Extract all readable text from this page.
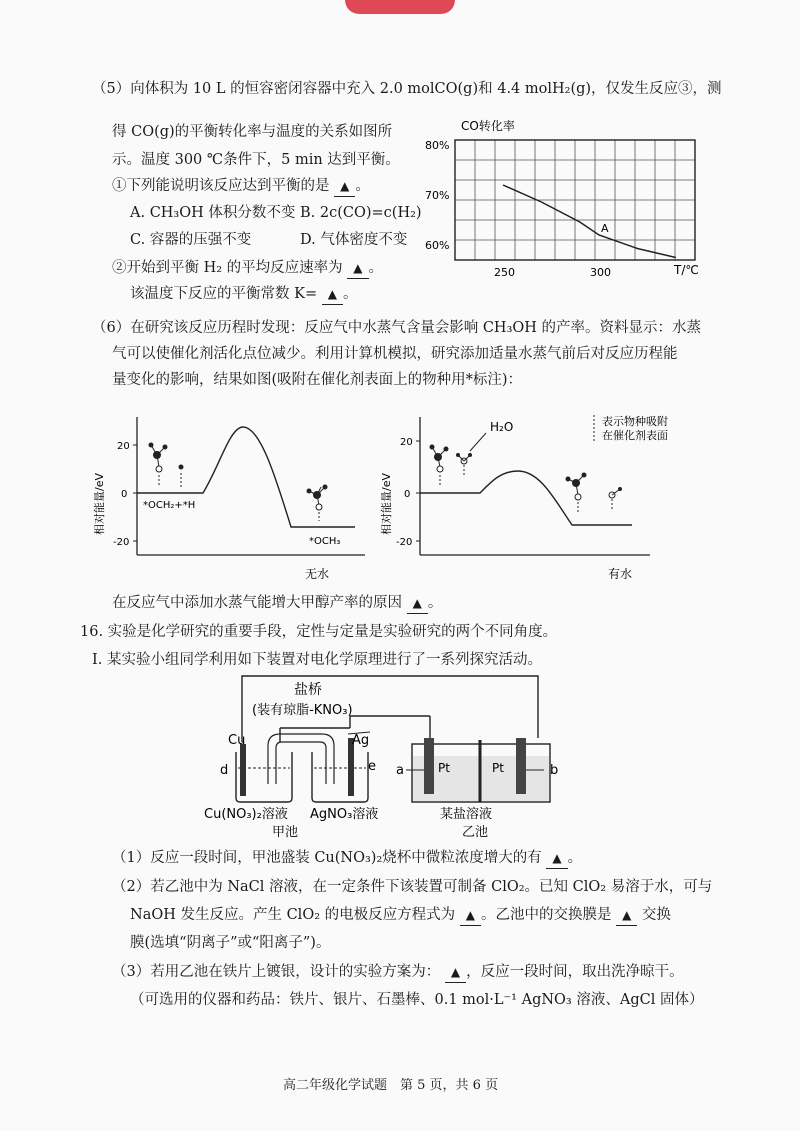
（5）向体积为 10 L 的恒容密闭容器中充入 2.0 molCO(g)和 4.4 molH₂(g)，仅发生反应③，测
得 CO(g)的平衡转化率与温度的关系如图所
示。温度 300 ℃条件下，5 min 达到平衡。
①下列能说明该反应达到平衡的是 ▲ 。
A. CH₃OH 体积分数不变 B. 2c(CO)=c(H₂)
C. 容器的压强不变	D. 气体密度不变
②开始到平衡 H₂ 的平均反应速率为 ▲ 。
该温度下反应的平衡常数 K= ▲ 。
80%
70%
60%
250	300
A
CO转化率
T/℃
（6）在研究该反应历程时发现：反应气中水蒸气含量会影响 CH₃OH 的产率。资料显示：水蒸
气可以使催化剂活化点位减少。利用计算机模拟，研究添加适量水蒸气前后对反应历程能
量变化的影响，结果如图(吸附在催化剂表面上的物种用*标注)：
20
0
-20
相对能量/eV	*OCH₂+*H
*OCH₃
无水
20
0
-20
相对能量/eV
H₂O	表示物种吸附
在催化剂表面
有水
在反应气中添加水蒸气能增大甲醇产率的原因 ▲ 。
16. 实验是化学研究的重要手段，定性与定量是实验研究的两个不同角度。
I. 某实验小组同学利用如下装置对电化学原理进行了一系列探究活动。
盐桥
(装有琼脂-KNO₃)
Cu
d
Ag
e	Pt	Pt
a	b
Cu(NO₃)₂溶液 AgNO₃溶液	某盐溶液
甲池	乙池
（1）反应一段时间，甲池盛装 Cu(NO₃)₂烧杯中微粒浓度增大的有 ▲ 。
（2）若乙池中为 NaCl 溶液，在一定条件下该装置可制备 ClO₂。已知 ClO₂ 易溶于水，可与
NaOH 发生反应。产生 ClO₂ 的电极反应方程式为 ▲ 。乙池中的交换膜是 ▲ 交换
膜(选填“阴离子”或“阳离子”)。
（3）若用乙池在铁片上镀银，设计的实验方案为： ▲ ，反应一段时间，取出洗净晾干。
（可选用的仪器和药品：铁片、银片、石墨棒、0.1 mol·L⁻¹ AgNO₃ 溶液、AgCl 固体）
高二年级化学试题　第 5 页，共 6 页
